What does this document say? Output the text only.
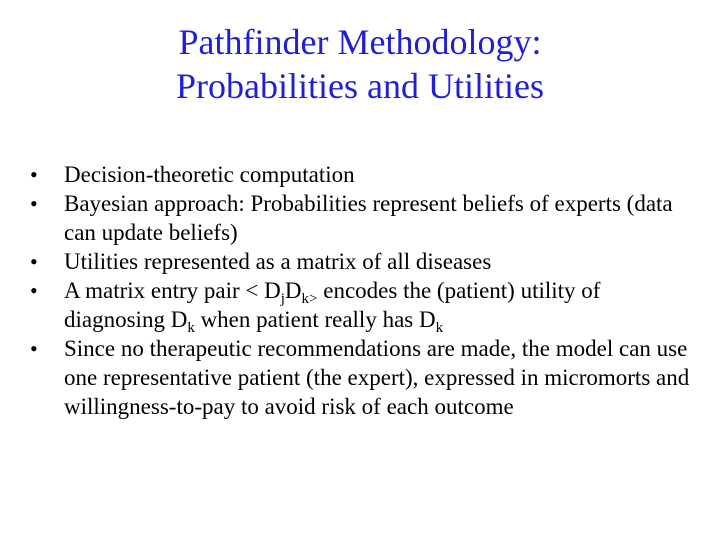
Pathfinder Methodology:
Probabilities and Utilities
•	Decision-theoretic computation
•	Bayesian approach: Probabilities represent beliefs of experts (data can update beliefs)
•	Utilities represented as a matrix of all diseases
•	A matrix entry pair < $D_jD_{k>}$ encodes the (patient) utility of diagnosing $D_k$ when patient really has $D_k$
•	Since no therapeutic recommendations are made, the model can use one representative patient (the expert), expressed in micromorts and willingness-to-pay to avoid risk of each outcome
